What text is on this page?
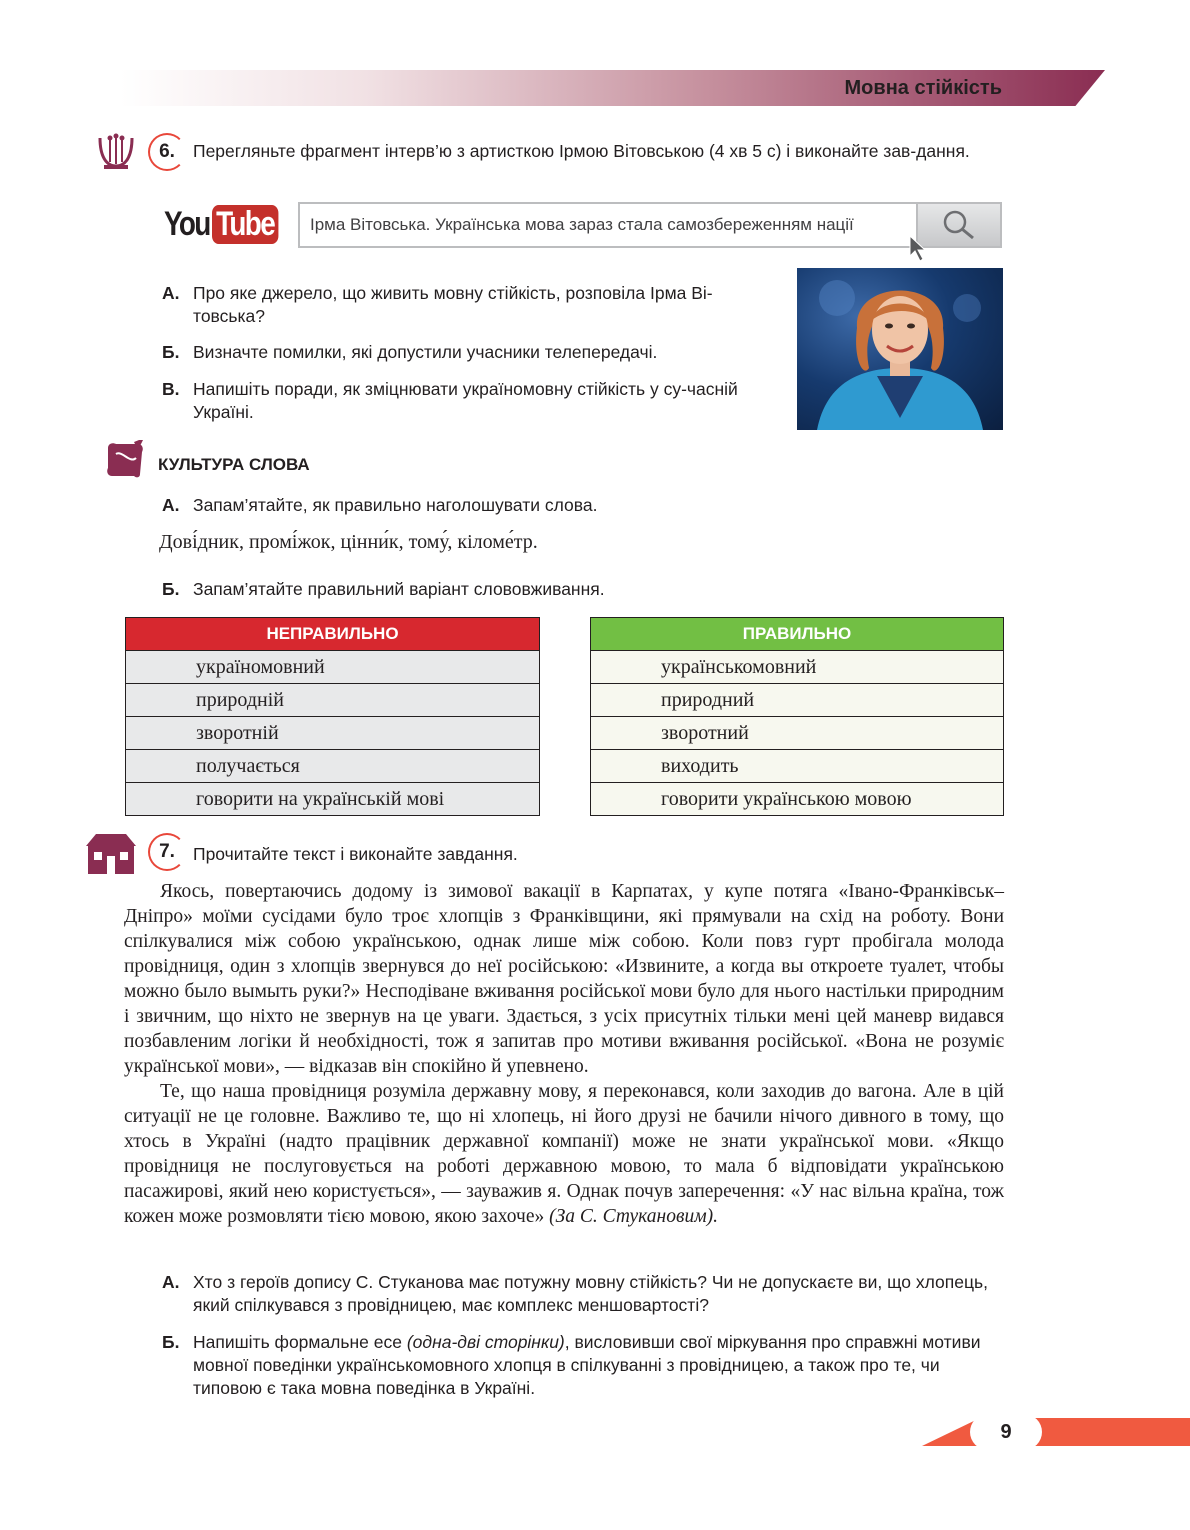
Мовна стійкість
6.	Перегляньте фрагмент інтерв’ю з артисткою Ірмою Вітовською (4 хв 5 с) і виконайте зав-дання.
You Tube	Ірма Вітовська. Українська мова зараз стала самозбереженням нації
А. Про яке джерело, що живить мовну стійкість, розповіла Ірма Ві-товська?
Б. Визначте помилки, які допустили учасники телепередачі.
В. Напишіть поради, як зміцнювати україномовну стійкість у су-часній Україні.
КУЛЬТУРА СЛОВА
А. Запам’ятайте, як правильно наголошувати слова.
Дові́дник, промі́жок, цінни́к, тому́, кіломе́тр.
Б. Запам’ятайте правильний варіант слововживання.
НЕПРАВИЛЬНО
україномовний
природній
зворотній
получається
говорити на українській мові
ПРАВИЛЬНО
українськомовний
природний
зворотний
виходить
говорити українською мовою
7.	Прочитайте текст і виконайте завдання.

Якось, повертаючись додому із зимової вакації в Карпатах, у купе потяга «Івано-Франківськ–Дніпро» моїми сусідами було троє хлопців з Франківщини, які прямували на схід на роботу. Вони спілкувалися між собою українською, однак лише між собою. Коли повз гурт пробігала молода провідниця, один з хлопців звернувся до неї російською: «Извините, а когда вы откроете туалет, чтобы можно было вымыть руки?» Несподіване вживання російської мови було для нього настільки природним і звичним, що ніхто не звернув на це уваги. Здається, з усіх присутніх тільки мені цей маневр видався позбавленим логіки й необхідності, тож я запитав про мотиви вживання російської. «Вона не розуміє української мови», — відказав він спокійно й упевнено.

Те, що наша провідниця розуміла державну мову, я переконався, коли заходив до вагона. Але в цій ситуації не це головне. Важливо те, що ні хлопець, ні його друзі не бачили нічого дивного в тому, що хтось в Україні (надто працівник державної компанії) може не знати української мови. «Якщо провідниця не послуговується на роботі державною мовою, то мала б відповідати українською пасажирові, який нею користується», — зауважив я. Однак почув заперечення: «У нас вільна країна, тож кожен може розмовляти тією мовою, якою захоче» (За С. Стукановим).

А. Хто з героїв допису С. Стуканова має потужну мовну стійкість? Чи не допускаєте ви, що хлопець, який спілкувався з провідницею, має комплекс меншовартості?
Б. Напишіть формальне есе (одна-дві сторінки), висловивши свої міркування про справжні мотиви мовної поведінки українськомовного хлопця в спілкуванні з провідницею, а також про те, чи типовою є така мовна поведінка в Україні.
9
